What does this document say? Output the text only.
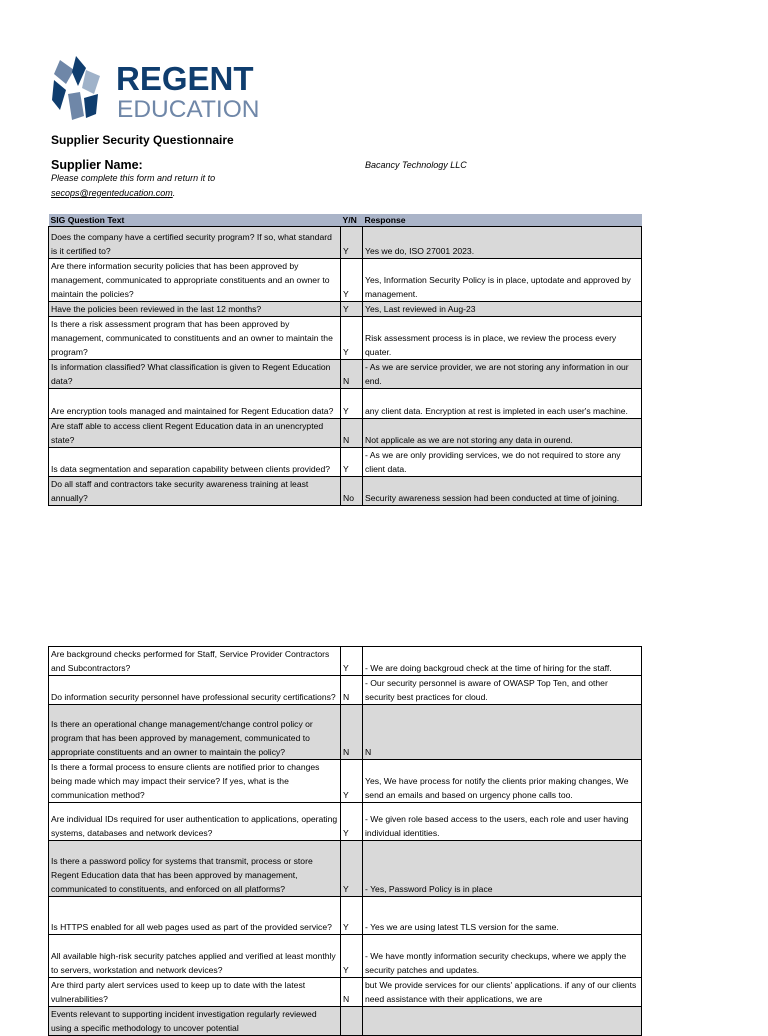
REGENT
EDUCATION
Supplier Security Questionnaire
Supplier Name:	Bacancy Technology LLC
Please complete this form and return it to
secops@regenteducation.com.
SIG Question Text	Y/N	Response
Does the company have a certified security program? If so, what standard is it certified to?	Y	Yes we do, ISO 27001 2023.
Are there information security policies that has been approved by management, communicated to appropriate constituents and an owner to maintain the policies?	Y	Yes, Information Security Policy is in place, uptodate and approved by management.
Have the policies been reviewed in the last 12 months?	Y	Yes, Last reviewed in Aug-23
Is there a risk assessment program that has been approved by management, communicated to constituents and an owner to maintain the program?	Y	Risk assessment process is in place, we review the process every quater.
Is information classified? What classification is given to Regent Education data?	N	- As we are service provider, we are not storing any information in our end.
Are encryption tools managed and maintained for Regent Education data?	Y	any client data. Encryption at rest is impleted in each user's machine.
Are staff able to access client Regent Education data in an unencrypted state?	N	Not applicale as we are not storing any data in ourend.
Is data segmentation and separation capability between clients provided?	Y	- As we are only providing services, we do not required to store any client data.
Do all staff and contractors take security awareness training at least annually?	No	Security awareness session had been conducted at time of joining.
Are background checks performed for Staff, Service Provider Contractors and Subcontractors?	Y	- We are doing backgroud check at the time of hiring for the staff.
Do information security personnel have professional security certifications?	N	- Our security personnel is aware of OWASP Top Ten, and other security best practices for cloud.
Is there an operational change management/change control policy or program that has been approved by management, communicated to appropriate constituents and an owner to maintain the policy?	N	N
Is there a formal process to ensure clients are notified prior to changes being made which may impact their service? If yes, what is the communication method?	Y	Yes, We have process for notify the clients prior making changes, We send an emails and based on urgency phone calls too.
Are individual IDs required for user authentication to applications, operating systems, databases and network devices?	Y	- We given role based access to the users, each role and user having individual identities.
Is there a password policy for systems that transmit, process or store Regent Education data that has been approved by management, communicated to constituents, and enforced on all platforms?	Y	- Yes, Password Policy is in place
Is HTTPS enabled for all web pages used as part of the provided service?	Y	- Yes we are using latest TLS version for the same.
All available high-risk security patches applied and verified at least monthly to servers, workstation and network devices?	Y	- We have montly information security checkups, where we apply the security patches and updates.
Are third party alert services used to keep up to date with the latest vulnerabilities?	N	but We provide services for our clients' applications. if any of our clients need assistance with their applications, we are
Events relevant to supporting incident investigation regularly reviewed using a specific methodology to uncover potential		
